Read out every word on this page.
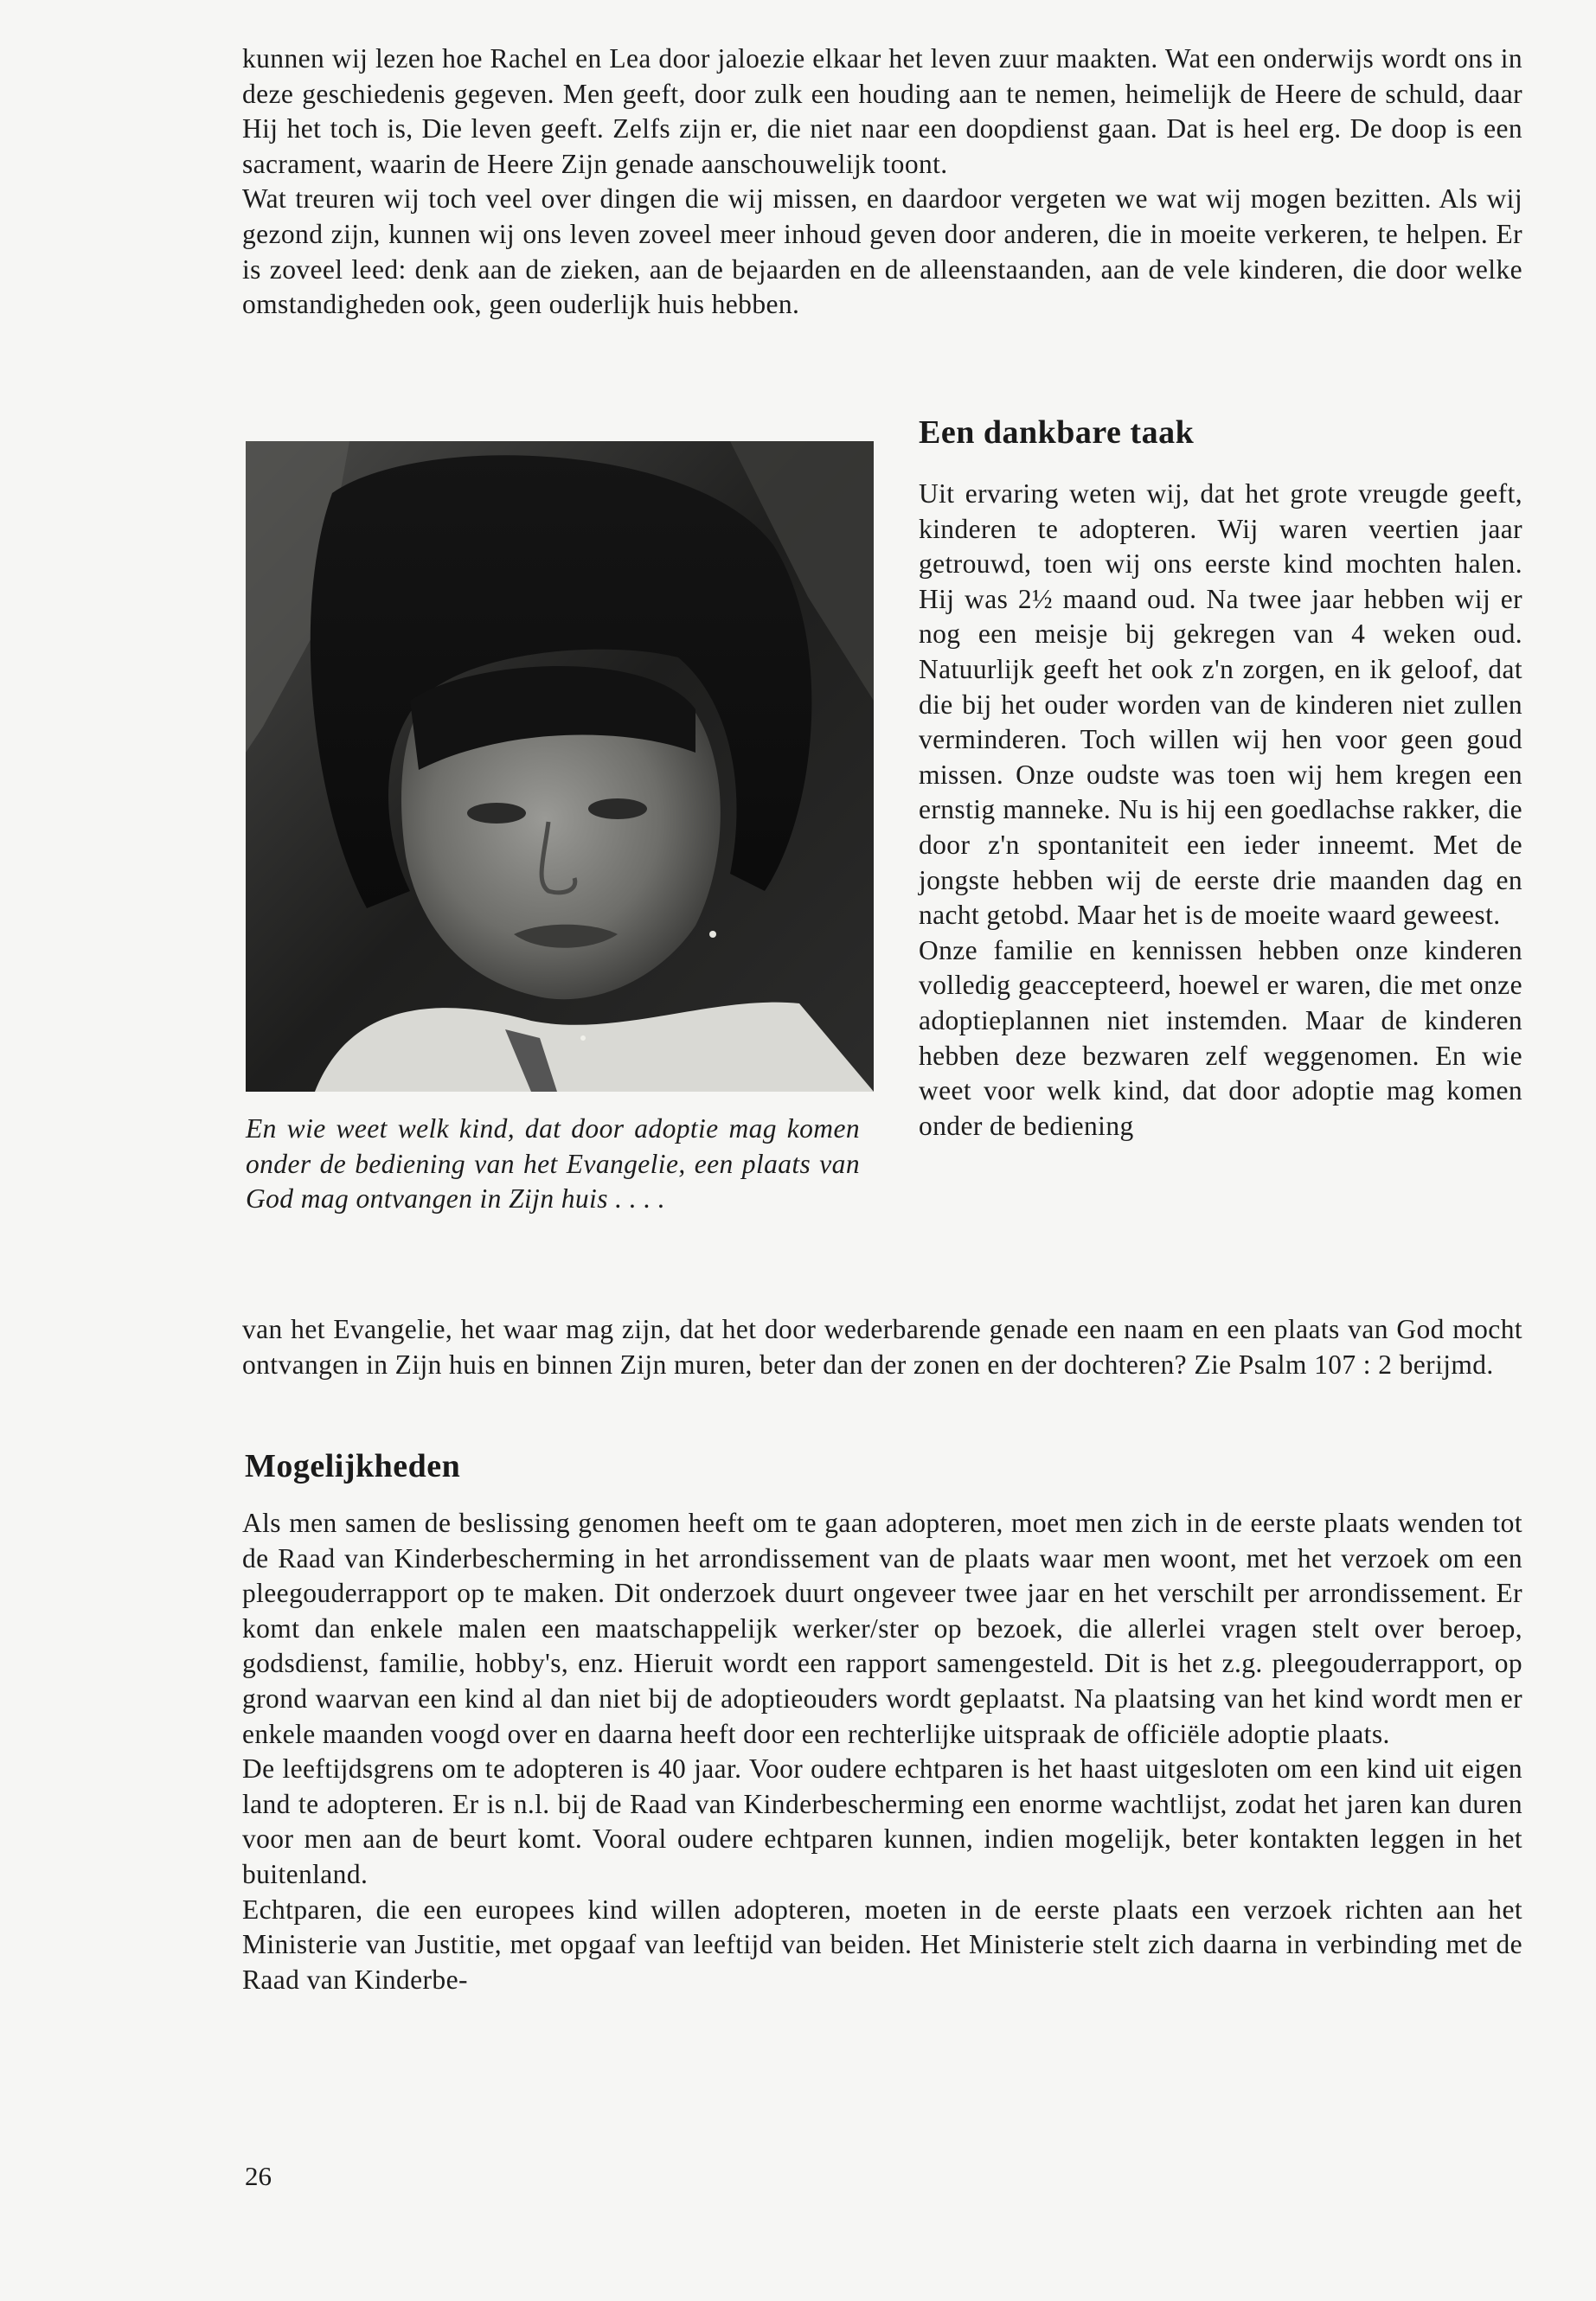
kunnen wij lezen hoe Rachel en Lea door jaloezie elkaar het leven zuur maakten. Wat een onderwijs wordt ons in deze geschiedenis gegeven. Men geeft, door zulk een houding aan te nemen, heimelijk de Heere de schuld, daar Hij het toch is, Die leven geeft. Zelfs zijn er, die niet naar een doopdienst gaan. Dat is heel erg. De doop is een sacrament, waarin de Heere Zijn genade aanschouwelijk toont.

Wat treuren wij toch veel over dingen die wij missen, en daardoor vergeten we wat wij mogen bezitten. Als wij gezond zijn, kunnen wij ons leven zoveel meer inhoud geven door anderen, die in moeite verkeren, te helpen. Er is zoveel leed: denk aan de zieken, aan de bejaarden en de alleenstaanden, aan de vele kinderen, die door welke omstandigheden ook, geen ouderlijk huis hebben.

En wie weet welk kind, dat door adoptie mag komen onder de bediening van het Evangelie, een plaats van God mag ontvangen in Zijn huis . . . .

Een dankbare taak

Uit ervaring weten wij, dat het grote vreugde geeft, kinderen te adopteren. Wij waren veertien jaar getrouwd, toen wij ons eerste kind mochten halen. Hij was 2½ maand oud. Na twee jaar hebben wij er nog een meisje bij gekregen van 4 weken oud. Natuurlijk geeft het ook z'n zorgen, en ik geloof, dat die bij het ouder worden van de kinderen niet zullen verminderen. Toch willen wij hen voor geen goud missen. Onze oudste was toen wij hem kregen een ernstig manneke. Nu is hij een goedlachse rakker, die door z'n spontaniteit een ieder inneemt. Met de jongste hebben wij de eerste drie maanden dag en nacht getobd. Maar het is de moeite waard geweest.

Onze familie en kennissen hebben onze kinderen volledig geaccepteerd, hoewel er waren, die met onze adoptieplannen niet instemden. Maar de kinderen hebben deze bezwaren zelf weggenomen. En wie weet voor welk kind, dat door adoptie mag komen onder de bediening

van het Evangelie, het waar mag zijn, dat het door wederbarende genade een naam en een plaats van God mocht ontvangen in Zijn huis en binnen Zijn muren, beter dan der zonen en der dochteren? Zie Psalm 107 : 2 berijmd.

Mogelijkheden

Als men samen de beslissing genomen heeft om te gaan adopteren, moet men zich in de eerste plaats wenden tot de Raad van Kinderbescherming in het arrondissement van de plaats waar men woont, met het verzoek om een pleegouderrapport op te maken. Dit onderzoek duurt ongeveer twee jaar en het verschilt per arrondissement. Er komt dan enkele malen een maatschappelijk werker/ster op bezoek, die allerlei vragen stelt over beroep, godsdienst, familie, hobby's, enz. Hieruit wordt een rapport samengesteld. Dit is het z.g. pleegouderrapport, op grond waarvan een kind al dan niet bij de adoptieouders wordt geplaatst. Na plaatsing van het kind wordt men er enkele maanden voogd over en daarna heeft door een rechterlijke uitspraak de officiële adoptie plaats.

De leeftijdsgrens om te adopteren is 40 jaar. Voor oudere echtparen is het haast uitgesloten om een kind uit eigen land te adopteren. Er is n.l. bij de Raad van Kinderbescherming een enorme wachtlijst, zodat het jaren kan duren voor men aan de beurt komt. Vooral oudere echtparen kunnen, indien mogelijk, beter kontakten leggen in het buitenland.

Echtparen, die een europees kind willen adopteren, moeten in de eerste plaats een verzoek richten aan het Ministerie van Justitie, met opgaaf van leeftijd van beiden. Het Ministerie stelt zich daarna in verbinding met de Raad van Kinderbe-

26
